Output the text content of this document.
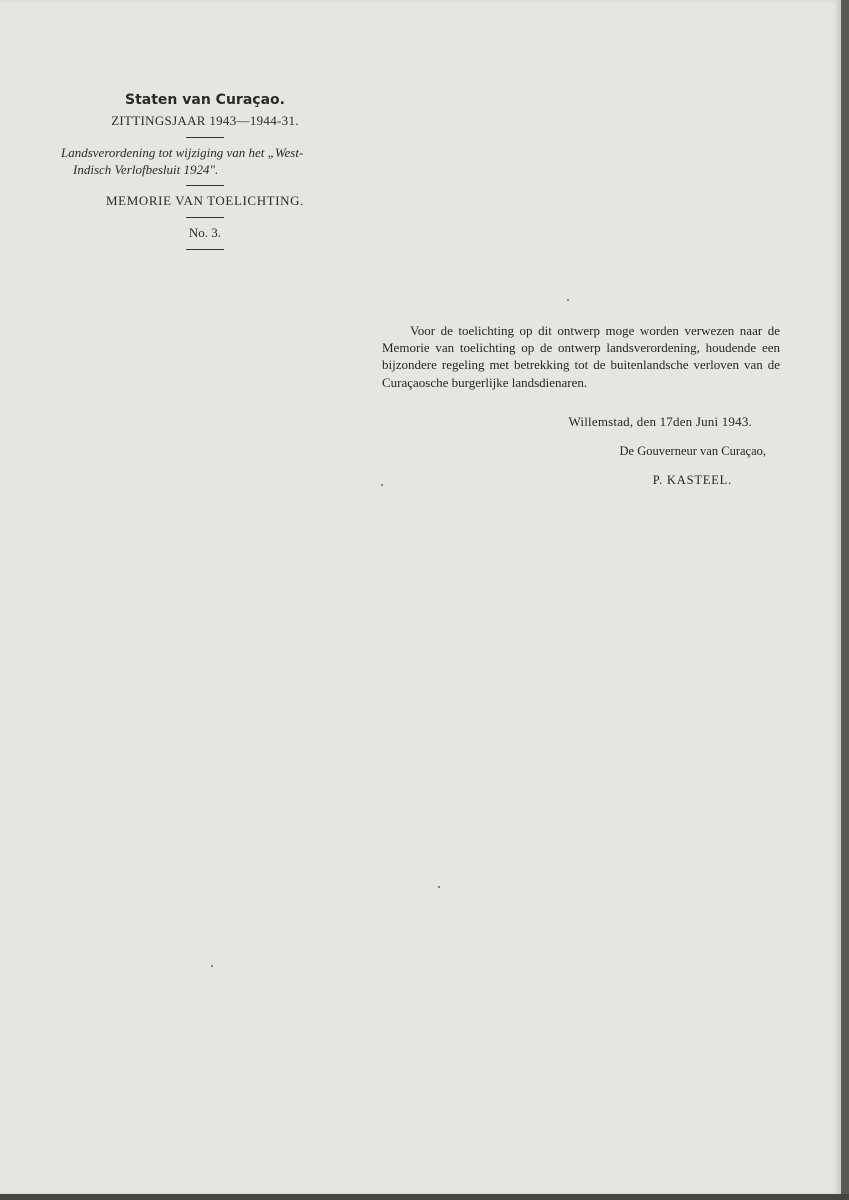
Staten van Curaçao.

ZITTINGSJAAR 1943—1944-31.

Landsverordening tot wijziging van het „West-
Indisch Verlofbesluit 1924".

MEMORIE VAN TOELICHTING.

No. 3.

Voor de toelichting op dit ontwerp moge worden verwezen naar de Memorie van toelichting op de ontwerp landsverordening, houdende een bijzondere regeling met betrekking tot de buitenlandsche verloven van de Curaçaosche burgerlijke landsdienaren.

Willemstad, den 17den Juni 1943.
De Gouverneur van Curaçao,
P. KASTEEL.
